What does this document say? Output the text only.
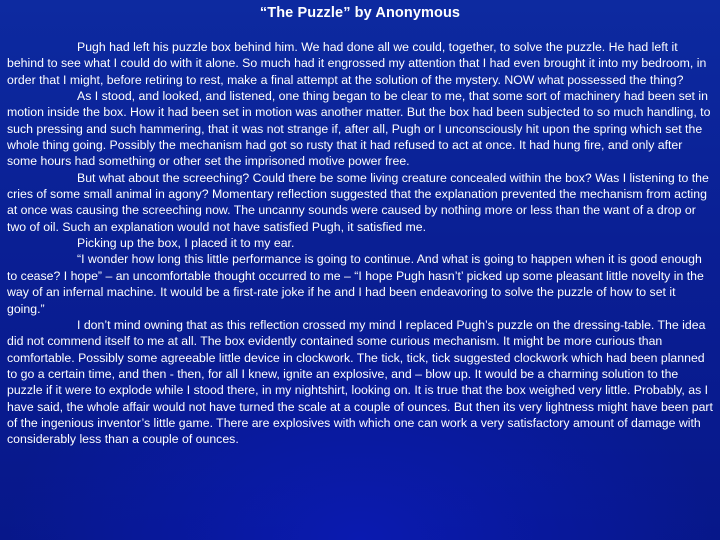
“The Puzzle” by Anonymous

Pugh had left his puzzle box behind him. We had done all we could, together, to solve the puzzle. He had left it behind to see what I could do with it alone. So much had it engrossed my attention that I had even brought it into my bedroom, in order that I might, before retiring to rest, make a final attempt at the solution of the mystery. NOW what possessed the thing?

As I stood, and looked, and listened, one thing began to be clear to me, that some sort of machinery had been set in motion inside the box. How it had been set in motion was another matter. But the box had been subjected to so much handling, to such pressing and such hammering, that it was not strange if, after all, Pugh or I unconsciously hit upon the spring which set the whole thing going. Possibly the mechanism had got so rusty that it had refused to act at once. It had hung fire, and only after some hours had something or other set the imprisoned motive power free.

But what about the screeching? Could there be some living creature concealed within the box? Was I listening to the cries of some small animal in agony? Momentary reflection suggested that the explanation prevented the mechanism from acting at once was causing the screeching now. The uncanny sounds were caused by nothing more or less than the want of a drop or two of oil. Such an explanation would not have satisfied Pugh, it satisfied me.

Picking up the box, I placed it to my ear.

“I wonder how long this little performance is going to continue. And what is going to happen when it is good enough to cease? I hope” – an uncomfortable thought occurred to me – “I hope Pugh hasn’t’ picked up some pleasant little novelty in the way of an infernal machine. It would be a first-rate joke if he and I had been endeavoring to solve the puzzle of how to set it going.”

I don’t mind owning that as this reflection crossed my mind I replaced Pugh’s puzzle on the dressing-table. The idea did not commend itself to me at all. The box evidently contained some curious mechanism. It might be more curious than comfortable. Possibly some agreeable little device in clockwork. The tick, tick, tick suggested clockwork which had been planned to go a certain time, and then - then, for all I knew, ignite an explosive, and – blow up. It would be a charming solution to the puzzle if it were to explode while I stood there, in my nightshirt, looking on. It is true that the box weighed very little. Probably, as I have said, the whole affair would not have turned the scale at a couple of ounces. But then its very lightness might have been part of the ingenious inventor’s little game. There are explosives with which one can work a very satisfactory amount of damage with considerably less than a couple of ounces.
